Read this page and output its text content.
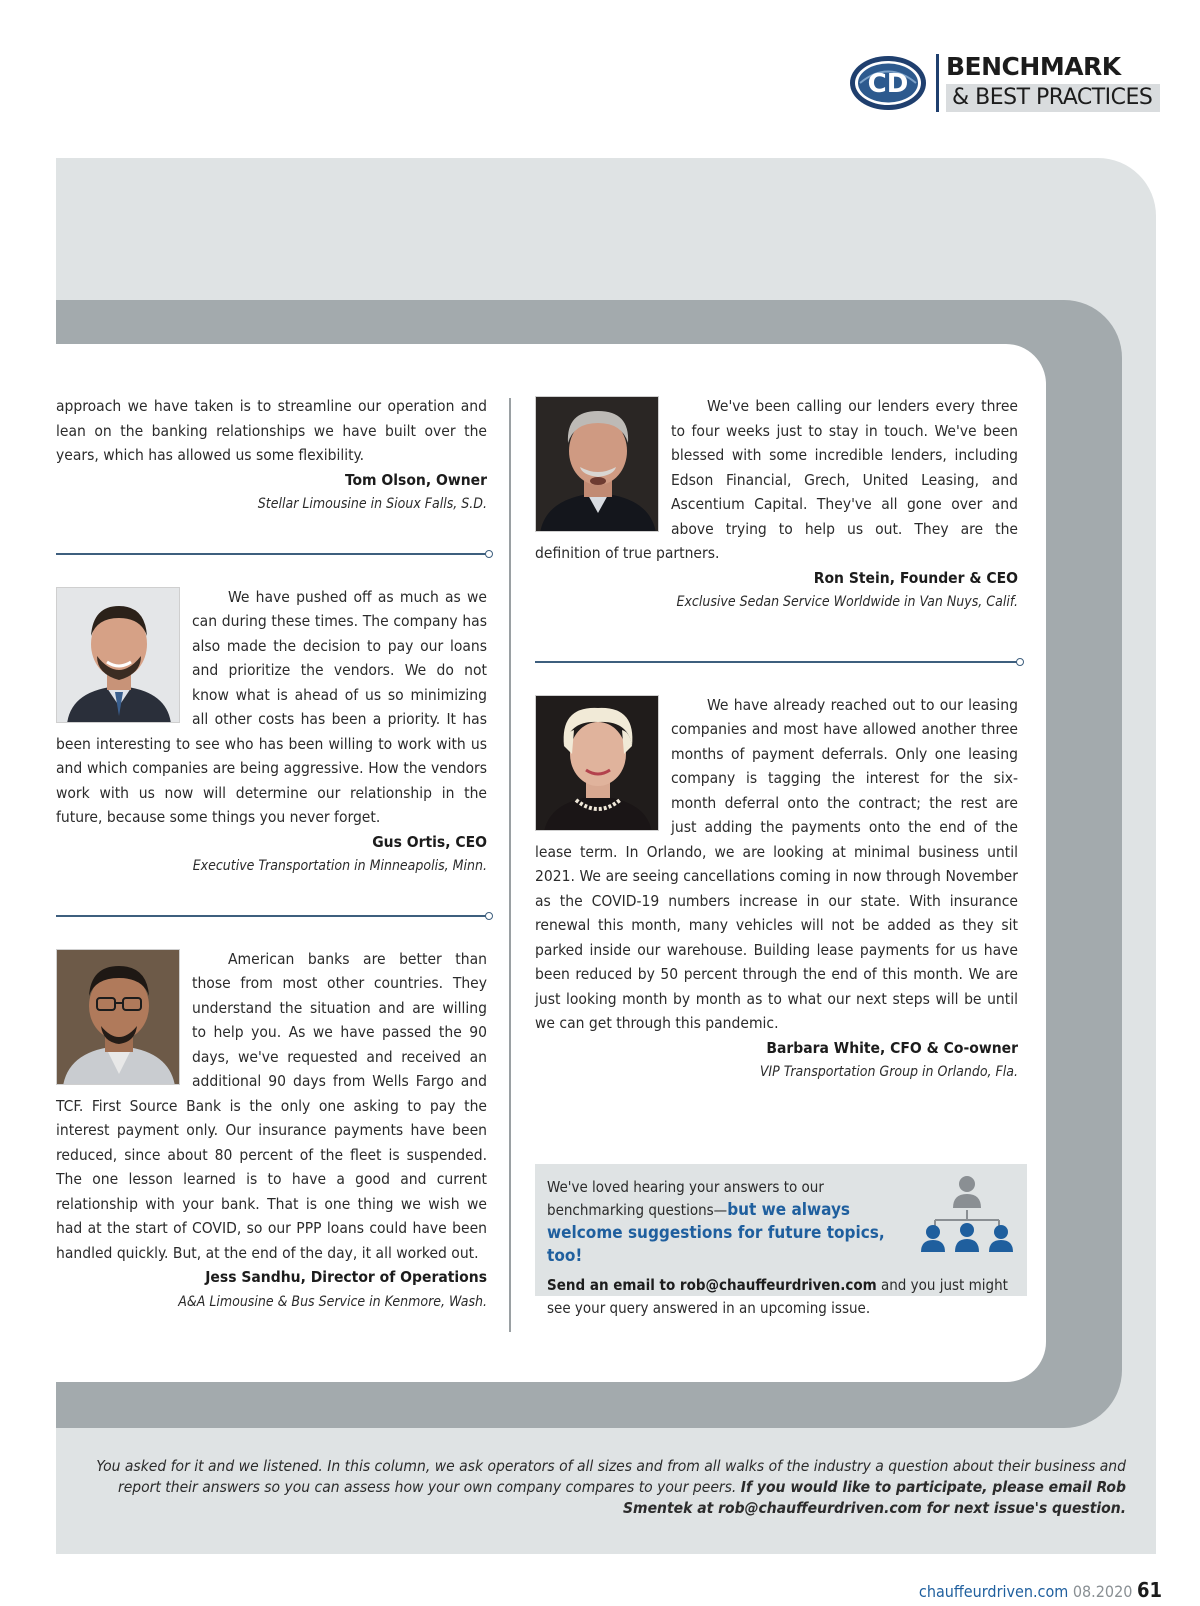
CD
BENCHMARK
& BEST PRACTICES

approach we have taken is to streamline our operation and lean on the banking relationships we have built over the years, which has allowed us some flexibility.

Tom Olson, Owner
Stellar Limousine in Sioux Falls, S.D.

We have pushed off as much as we can during these times. The company has also made the decision to pay our loans and prioritize the vendors. We do not know what is ahead of us so minimizing all other costs has been a priority. It has been interesting to see who has been willing to work with us and which companies are being aggressive. How the vendors work with us now will determine our relationship in the future, because some things you never forget.

Gus Ortis, CEO
Executive Transportation in Minneapolis, Minn.

American banks are better than those from most other countries. They understand the situation and are willing to help you. As we have passed the 90 days, we've requested and received an additional 90 days from Wells Fargo and TCF. First Source Bank is the only one asking to pay the interest payment only. Our insurance payments have been reduced, since about 80 percent of the fleet is suspended. The one lesson learned is to have a good and current relationship with your bank. That is one thing we wish we had at the start of COVID, so our PPP loans could have been handled quickly. But, at the end of the day, it all worked out.

Jess Sandhu, Director of Operations
A&A Limousine & Bus Service in Kenmore, Wash.

We've been calling our lenders every three to four weeks just to stay in touch. We've been blessed with some incredible lenders, including Edson Financial, Grech, United Leasing, and Ascentium Capital. They've all gone over and above trying to help us out. They are the definition of true partners.

Ron Stein, Founder & CEO
Exclusive Sedan Service Worldwide in Van Nuys, Calif.

We have already reached out to our leasing companies and most have allowed another three months of payment deferrals. Only one leasing company is tagging the interest for the six-month deferral onto the contract; the rest are just adding the payments onto the end of the lease term. In Orlando, we are looking at minimal business until 2021. We are seeing cancellations coming in now through November as the COVID-19 numbers increase in our state. With insurance renewal this month, many vehicles will not be added as they sit parked inside our warehouse. Building lease payments for us have been reduced by 50 percent through the end of this month. We are just looking month by month as to what our next steps will be until we can get through this pandemic.

Barbara White, CFO & Co-owner
VIP Transportation Group in Orlando, Fla.
We've loved hearing your answers to our benchmarking questions—but we always welcome suggestions for future topics, too!
Send an email to rob@chauffeurdriven.com and you just might see your query answered in an upcoming issue.
You asked for it and we listened. In this column, we ask operators of all sizes and from all walks of the industry a question about their business and report their answers so you can assess how your own company compares to your peers. If you would like to participate, please email Rob Smentek at rob@chauffeurdriven.com for next issue's question.
chauffeurdriven.com 08.2020 61
